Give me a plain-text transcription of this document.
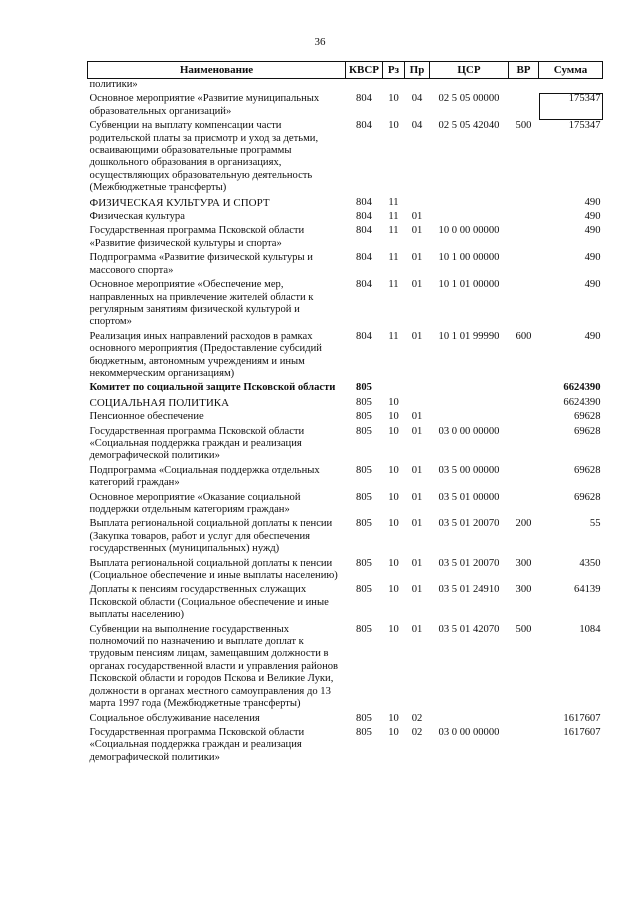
36
Наименование	КВСР	Рз	Пр	ЦСР	ВР	Сумма
политики»						
Основное мероприятие «Развитие муниципальных образовательных организаций»	804	10	04	02 5 05 00000		175347
Субвенции на выплату компенсации части родительской платы за присмотр и уход за детьми, осваивающими образовательные программы дошкольного образования в организациях, осуществляющих образовательную деятельность (Межбюджетные трансферты)	804	10	04	02 5 05 42040	500	175347
ФИЗИЧЕСКАЯ КУЛЬТУРА И СПОРТ	804	11				490
Физическая культура	804	11	01			490
Государственная программа Псковской области «Развитие физической культуры и спорта»	804	11	01	10 0 00 00000		490
Подпрограмма «Развитие физической культуры и массового спорта»	804	11	01	10 1 00 00000		490
Основное мероприятие «Обеспечение мер, направленных на привлечение жителей области к регулярным занятиям физической культурой и спортом»	804	11	01	10 1 01 00000		490
Реализация иных направлений расходов в рамках основного мероприятия (Предоставление субсидий бюджетным, автономным учреждениям и иным некоммерческим организациям)	804	11	01	10 1 01 99990	600	490
Комитет по социальной защите Псковской области	805					6624390
СОЦИАЛЬНАЯ ПОЛИТИКА	805	10				6624390
Пенсионное обеспечение	805	10	01			69628
Государственная программа Псковской области «Социальная поддержка граждан и реализация демографической политики»	805	10	01	03 0 00 00000		69628
Подпрограмма «Социальная поддержка отдельных категорий граждан»	805	10	01	03 5 00 00000		69628
Основное мероприятие «Оказание социальной поддержки отдельным категориям граждан»	805	10	01	03 5 01 00000		69628
Выплата региональной социальной доплаты к пенсии (Закупка товаров, работ и услуг для обеспечения государственных (муниципальных) нужд)	805	10	01	03 5 01 20070	200	55
Выплата региональной социальной доплаты к пенсии (Социальное обеспечение и иные выплаты населению)	805	10	01	03 5 01 20070	300	4350
Доплаты к пенсиям государственных служащих Псковской области (Социальное обеспечение и иные выплаты населению)	805	10	01	03 5 01 24910	300	64139
Субвенции на выполнение государственных полномочий по назначению и выплате доплат к трудовым пенсиям лицам, замещавшим должности в органах государственной власти и управления районов Псковской области и городов Пскова и Великие Луки, должности в органах местного самоуправления до 13 марта 1997 года (Межбюджетные трансферты)	805	10	01	03 5 01 42070	500	1084
Социальное обслуживание населения	805	10	02			1617607
Государственная программа Псковской области «Социальная поддержка граждан и реализация демографической политики»	805	10	02	03 0 00 00000		1617607
